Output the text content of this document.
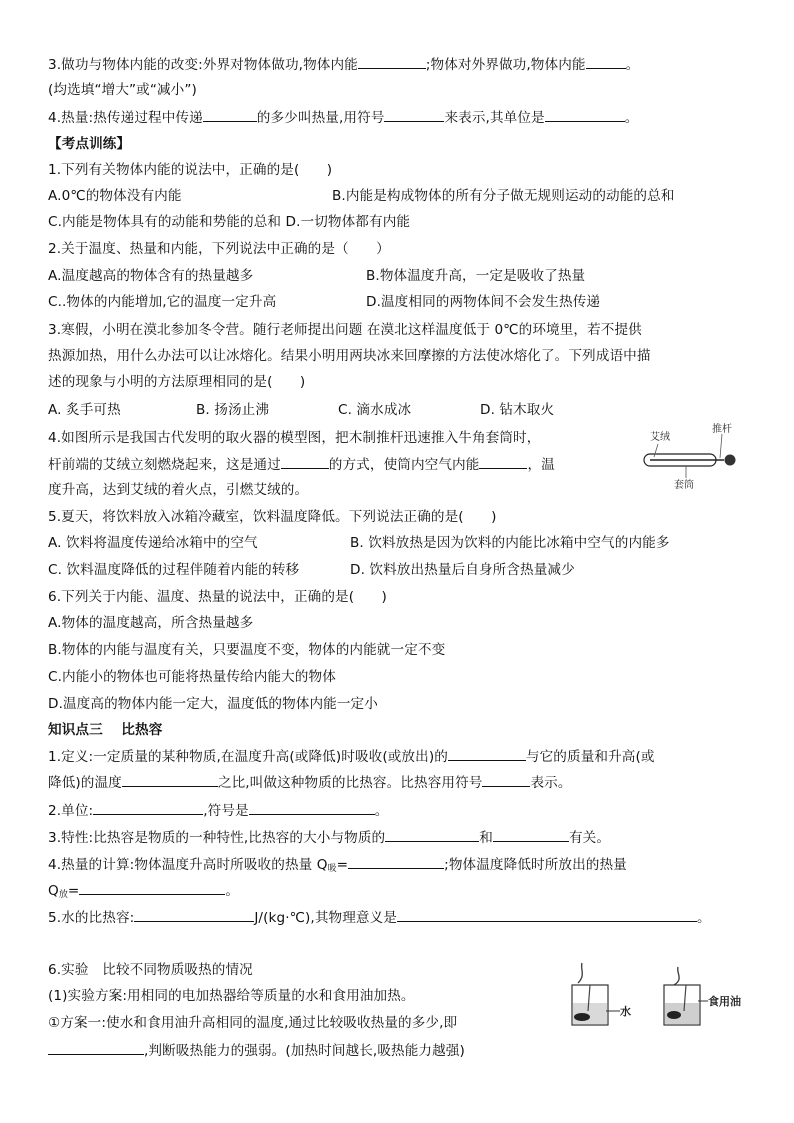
3.做功与物体内能的改变:外界对物体做功,物体内能	;物体对外界做功,物体内能	。
(均选填“增大”或“减小”)
4.热量:热传递过程中传递	的多少叫热量,用符号	来表示,其单位是	。
【考点训练】
1.下列有关物体内能的说法中，正确的是(　　)
A.0℃的物体没有内能	B.内能是构成物体的所有分子做无规则运动的动能的总和
C.内能是物体具有的动能和势能的总和 D.一切物体都有内能
2.关于温度、热量和内能，下列说法中正确的是（　　）
A.温度越高的物体含有的热量越多	B.物体温度升高，一定是吸收了热量
C..物体的内能增加,它的温度一定升高	D.温度相同的两物体间不会发生热传递
3.寒假，小明在漠北参加冬令营。随行老师提出问题 在漠北这样温度低于 0℃的环境里，若不提供
热源加热，用什么办法可以让冰熔化。结果小明用两块冰来回摩擦的方法使冰熔化了。下列成语中描
述的现象与小明的方法原理相同的是(　　)
A. 炙手可热	B. 扬汤止沸	C. 滴水成冰	D. 钻木取火
4.如图所示是我国古代发明的取火器的模型图，把木制推杆迅速推入牛角套筒时，
杆前端的艾绒立刻燃烧起来，这是通过	的方式，使筒内空气内能	，温
度升高，达到艾绒的着火点，引燃艾绒的。
艾绒
推杆
套筒
5.夏天，将饮料放入冰箱冷藏室，饮料温度降低。下列说法正确的是(　　)
A. 饮料将温度传递给冰箱中的空气	B. 饮料放热是因为饮料的内能比冰箱中空气的内能多
C. 饮料温度降低的过程伴随着内能的转移	D. 饮料放出热量后自身所含热量减少
6.下列关于内能、温度、热量的说法中，正确的是(　　)
A.物体的温度越高，所含热量越多
B.物体的内能与温度有关，只要温度不变，物体的内能就一定不变
C.内能小的物体也可能将热量传给内能大的物体
D.温度高的物体内能一定大，温度低的物体内能一定小
知识点三　 比热容
1.定义:一定质量的某种物质,在温度升高(或降低)时吸收(或放出)的	与它的质量和升高(或
降低)的温度	之比,叫做这种物质的比热容。比热容用符号	表示。
2.单位:	,符号是	。
3.特性:比热容是物质的一种特性,比热容的大小与物质的	和	有关。
4.热量的计算:物体温度升高时所吸收的热量 $Q_吸=$	;物体温度降低时所放出的热量
$Q_放=$	。
5.水的比热容:	J/(kg·℃),其物理意义是	。
6.实验　比较不同物质吸热的情况
(1)实验方案:用相同的电加热器给等质量的水和食用油加热。
①方案一:使水和食用油升高相同的温度,通过比较吸收热量的多少,即
,判断吸热能力的强弱。(加热时间越长,吸热能力越强)
水
食用油
